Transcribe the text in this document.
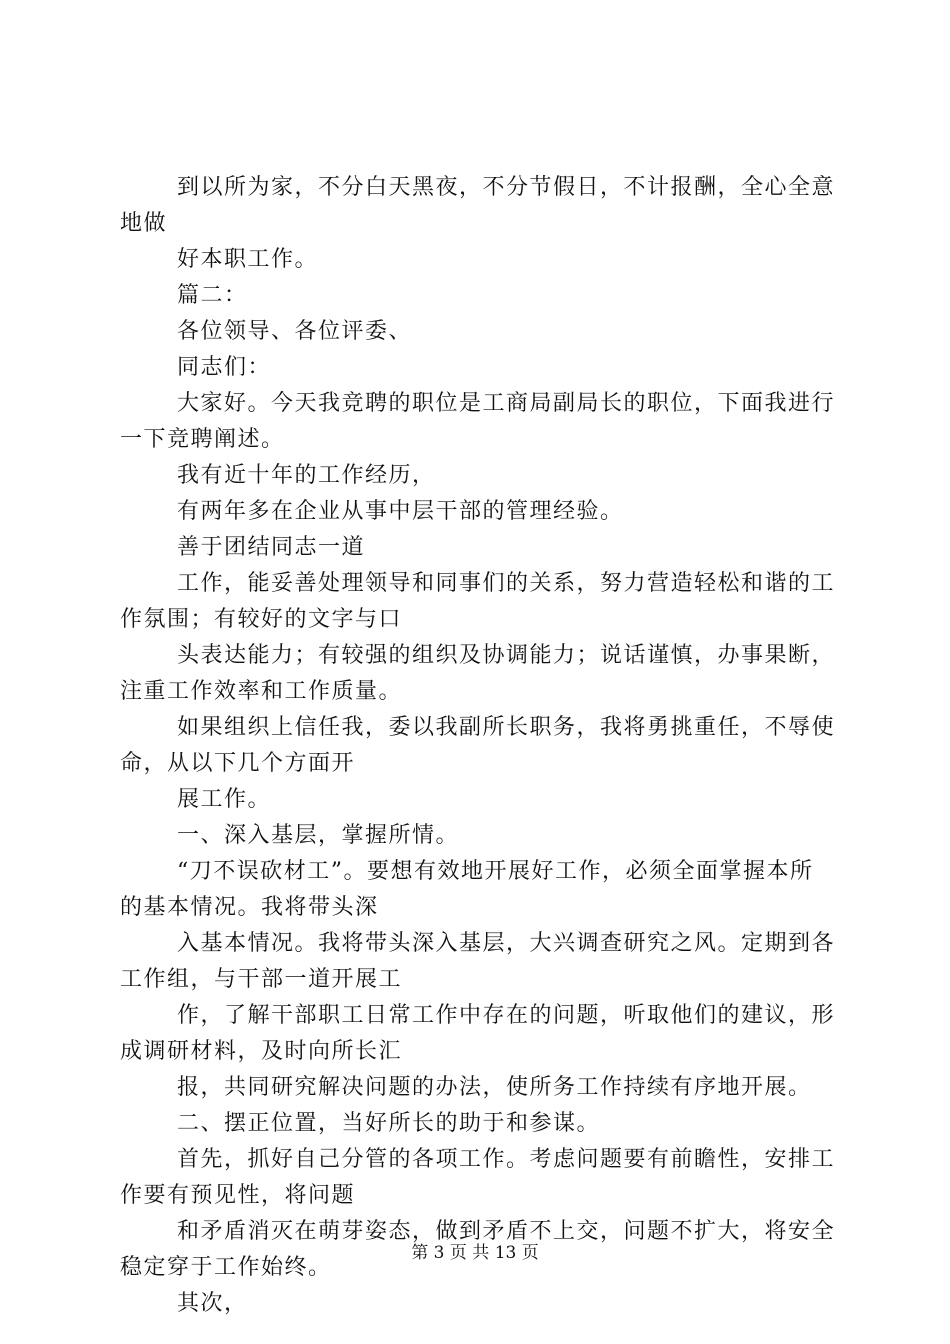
到以所为家，不分白天黑夜，不分节假日，不计报酬，全心全意地做

好本职工作。

篇二：

各位领导、各位评委、

同志们：

大家好。今天我竞聘的职位是工商局副局长的职位，下面我进行一下竞聘阐述。

我有近十年的工作经历，

有两年多在企业从事中层干部的管理经验。

善于团结同志一道

工作，能妥善处理领导和同事们的关系，努力营造轻松和谐的工作氛围；有较好的文字与口

头表达能力；有较强的组织及协调能力；说话谨慎，办事果断，注重工作效率和工作质量。

如果组织上信任我，委以我副所长职务，我将勇挑重任，不辱使命，从以下几个方面开

展工作。

一、深入基层，掌握所情。

“刀不误砍材工”。要想有效地开展好工作，必须全面掌握本所的基本情况。我将带头深

入基本情况。我将带头深入基层，大兴调查研究之风。定期到各工作组，与干部一道开展工

作，了解干部职工日常工作中存在的问题，听取他们的建议，形成调研材料，及时向所长汇

报，共同研究解决问题的办法，使所务工作持续有序地开展。

二、摆正位置，当好所长的助于和参谋。

首先，抓好自己分管的各项工作。考虑问题要有前瞻性，安排工作要有预见性，将问题

和矛盾消灭在萌芽姿态，做到矛盾不上交，问题不扩大，将安全稳定穿于工作始终。

其次，

第 3 页 共 13 页
